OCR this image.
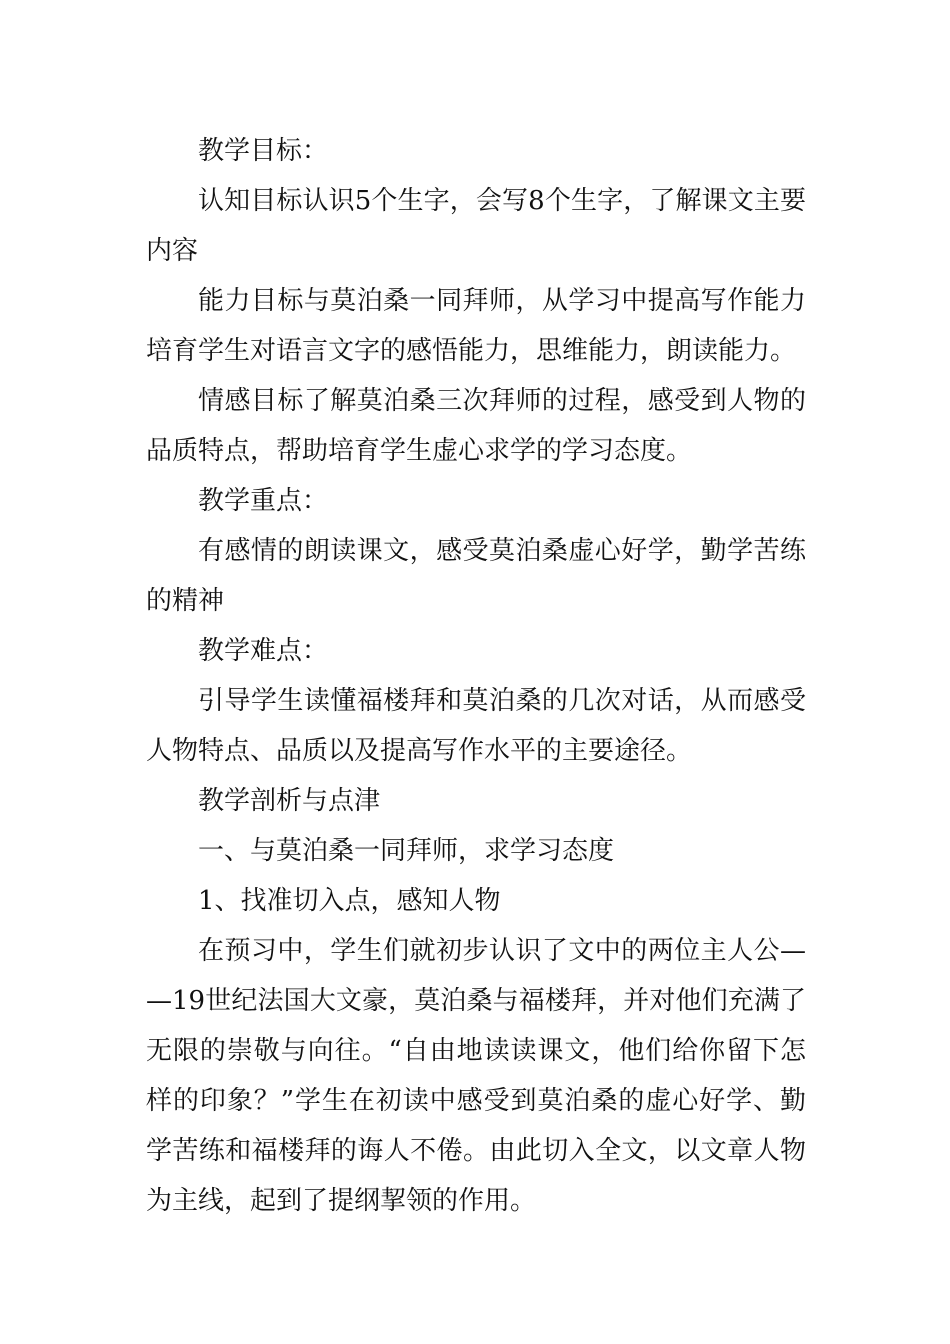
教学目标：

认知目标认识5个生字，会写8个生字，了解课文主要内容

能力目标与莫泊桑一同拜师，从学习中提高写作能力培育学生对语言文字的感悟能力，思维能力，朗读能力。

情感目标了解莫泊桑三次拜师的过程，感受到人物的品质特点，帮助培育学生虚心求学的学习态度。

教学重点：

有感情的朗读课文，感受莫泊桑虚心好学，勤学苦练的精神

教学难点：

引导学生读懂福楼拜和莫泊桑的几次对话，从而感受人物特点、品质以及提高写作水平的主要途径。

教学剖析与点津

一、与莫泊桑一同拜师，求学习态度

1、找准切入点，感知人物

在预习中，学生们就初步认识了文中的两位主人公——19世纪法国大文豪，莫泊桑与福楼拜，并对他们充满了无限的崇敬与向往。“自由地读读课文，他们给你留下怎样的印象？”学生在初读中感受到莫泊桑的虚心好学、勤学苦练和福楼拜的诲人不倦。由此切入全文，以文章人物为主线，起到了提纲挈领的作用。
